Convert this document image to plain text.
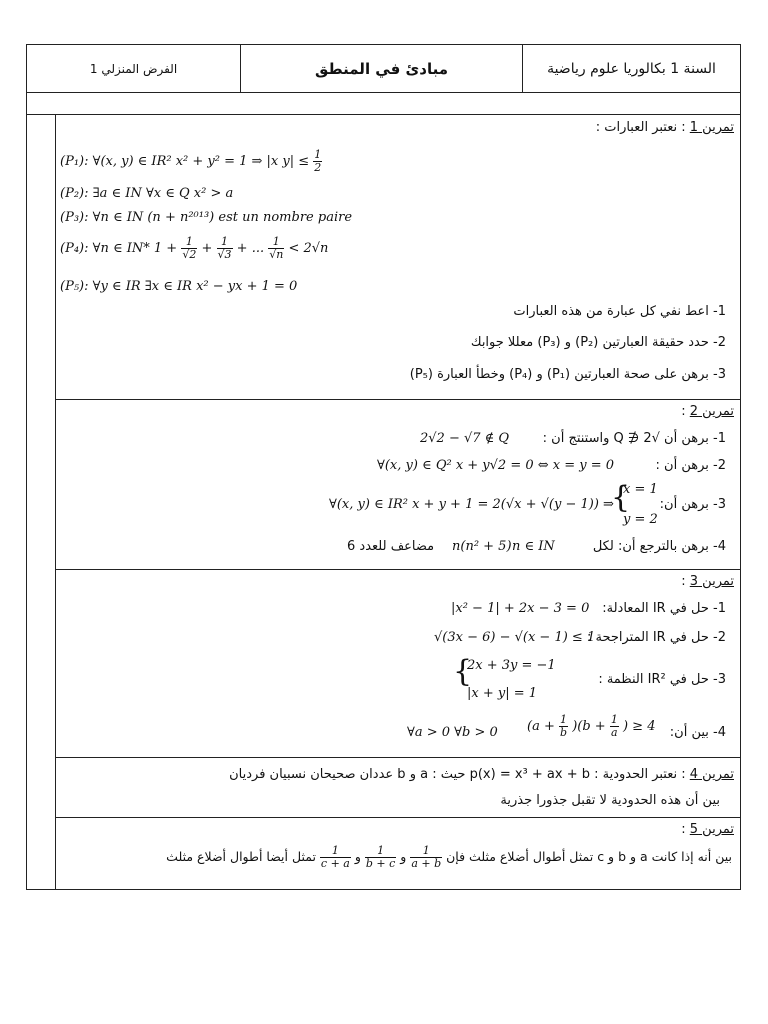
الفرض المنزلي 1	مبادئ في المنطق	السنة 1 بكالوريا علوم رياضية
تمرين 1 : نعتبر العبارات :
(P₁): ∀(x, y) ∈ IR² x² + y² = 1 ⇒ |x $y| \le \frac{1}{2}$
(P₂): ∃a ∈ IN ∀x ∈ Q x² > a
(P₃): ∀n ∈ IN (n + n²⁰¹³) est un nombre paire
(P₄): ∀n ∈ IN* $1 + \frac{1}{√2} + \frac{1}{√3}$ + ... $\frac{1}{√n} < 2√n$
(P₅): ∀y ∈ IR ∃x ∈ IR x² − yx + 1 = 0
1- اعط نفي كل عبارة من هذه العبارات
2- حدد حقيقة العبارتين (P₂) و (P₃) معللا جوابك
3- برهن على صحة العبارتين (P₁) و (P₄) وخطأ العبارة (P₅)
تمرين 2 :
1- برهن أن √2 ∉ Q واستنتج أن :
2√2 − √7 ∉ Q
2- برهن أن :
∀(x, y) ∈ Q² x + y√2 = 0 ⇔ x = y = 0
3- برهن أن:
∀(x, y) ∈ IR² x + y + 1 = 2(√x + √(y − 1)) ⇒
{
x = 1
y = 2
4- برهن بالترجع أن: لكل
n ∈ IN
n(n² + 5)
مضاعف للعدد 6
تمرين 3 :
1- حل في IR المعادلة:
|x² − 1| + 2x − 3 = 0
2- حل في IR المتراجحة :
√(3x − 6) − √(x − 1) ≤ 1
3- حل في IR² النظمة :
{
2x + 3y = −1
|x + y| = 1
4- بين أن:
$(a + \frac{1}{b} )(b + \frac{1}{a}$ ) ≥ 4
∀a > 0 ∀b > 0
تمرين 4 : نعتبر الحدودية : p(x) = x³ + ax + b حيث : a و b عددان صحيحان نسبيان فرديان
بين أن هذه الحدودية لا تقبل جذورا جذرية
تمرين 5 :
بين أنه إذا كانت a و b و c تمثل أطوال أضلاع مثلث فإن
$\frac{1}{a + b}$
و
$\frac{1}{b + c}$
و
$\frac{1}{c + a}$
تمثل أيضا أطوال أضلاع مثلث
